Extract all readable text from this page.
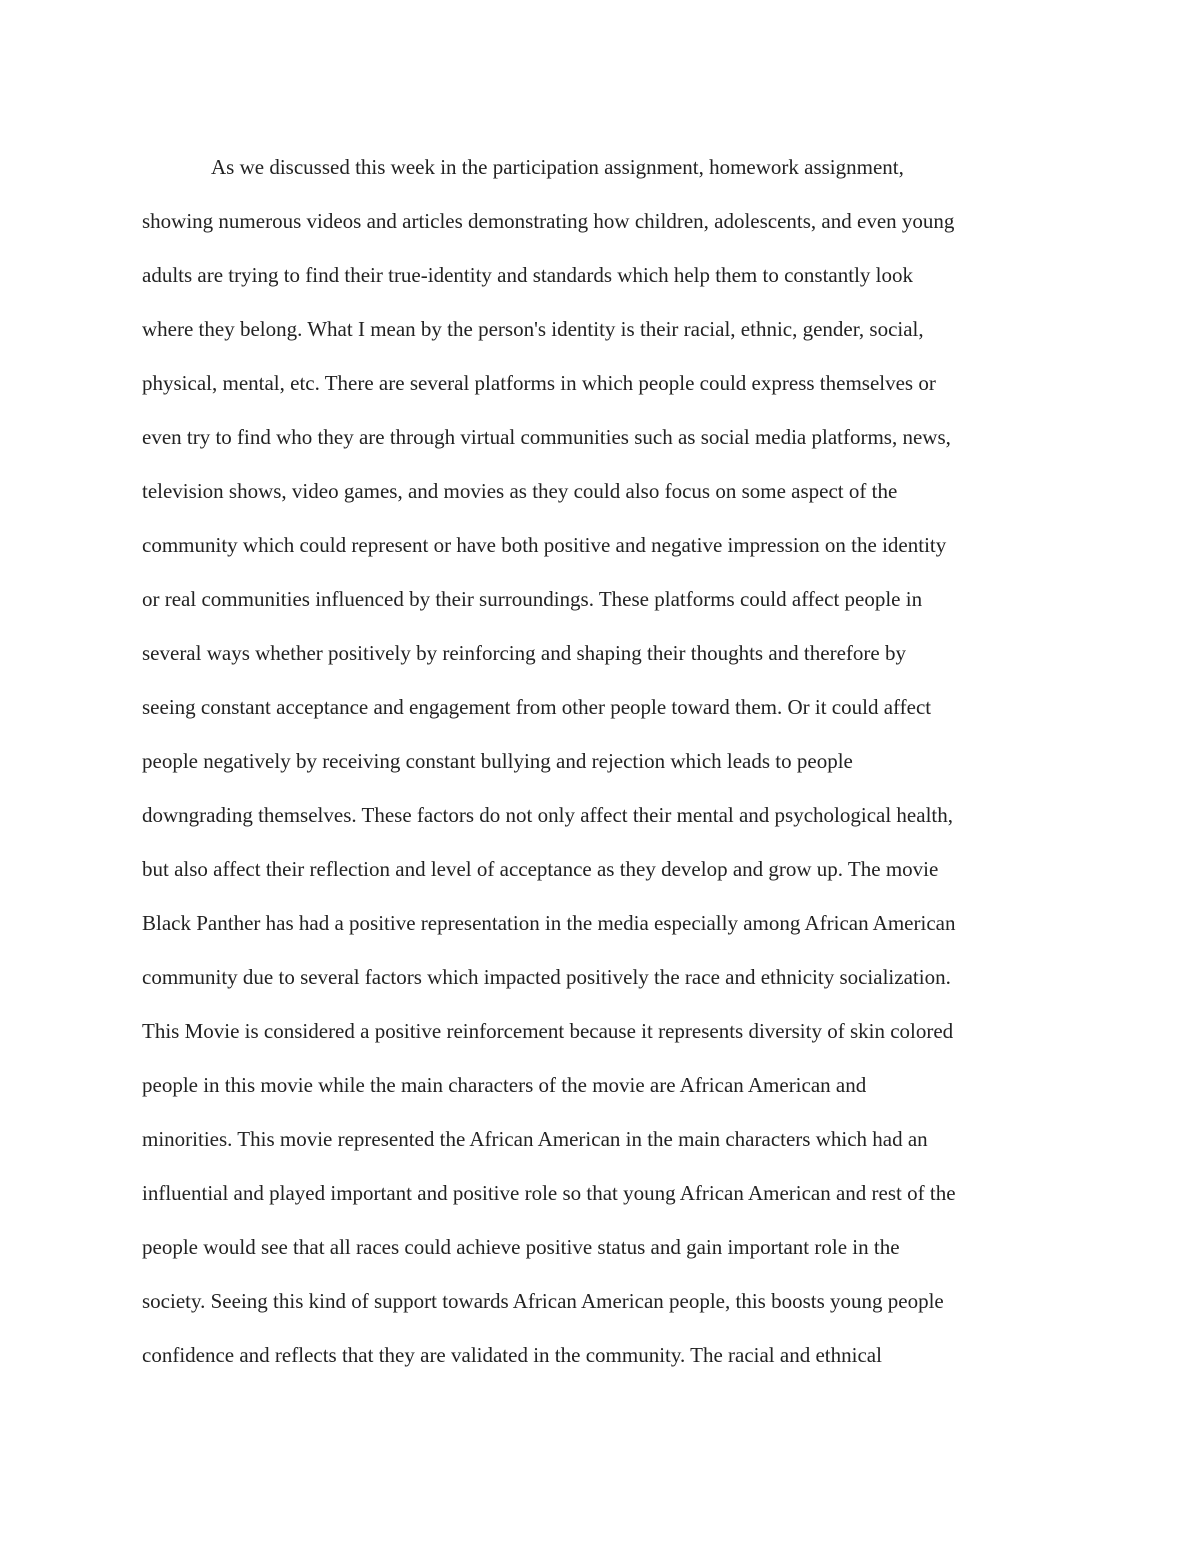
As we discussed this week in the participation assignment, homework assignment,
showing numerous videos and articles demonstrating how children, adolescents, and even young
adults are trying to find their true-identity and standards which help them to constantly look
where they belong. What I mean by the person's identity is their racial, ethnic, gender, social,
physical, mental, etc. There are several platforms in which people could express themselves or
even try to find who they are through virtual communities such as social media platforms, news,
television shows, video games, and movies as they could also focus on some aspect of the
community which could represent or have both positive and negative impression on the identity
or real communities influenced by their surroundings. These platforms could affect people in
several ways whether positively by reinforcing and shaping their thoughts and therefore by
seeing constant acceptance and engagement from other people toward them. Or it could affect
people negatively by receiving constant bullying and rejection which leads to people
downgrading themselves. These factors do not only affect their mental and psychological health,
but also affect their reflection and level of acceptance as they develop and grow up. The movie
Black Panther has had a positive representation in the media especially among African American
community due to several factors which impacted positively the race and ethnicity socialization.
This Movie is considered a positive reinforcement because it represents diversity of skin colored
people in this movie while the main characters of the movie are African American and
minorities. This movie represented the African American in the main characters which had an
influential and played important and positive role so that young African American and rest of the
people would see that all races could achieve positive status and gain important role in the
society. Seeing this kind of support towards African American people, this boosts young people
confidence and reflects that they are validated in the community. The racial and ethnical
